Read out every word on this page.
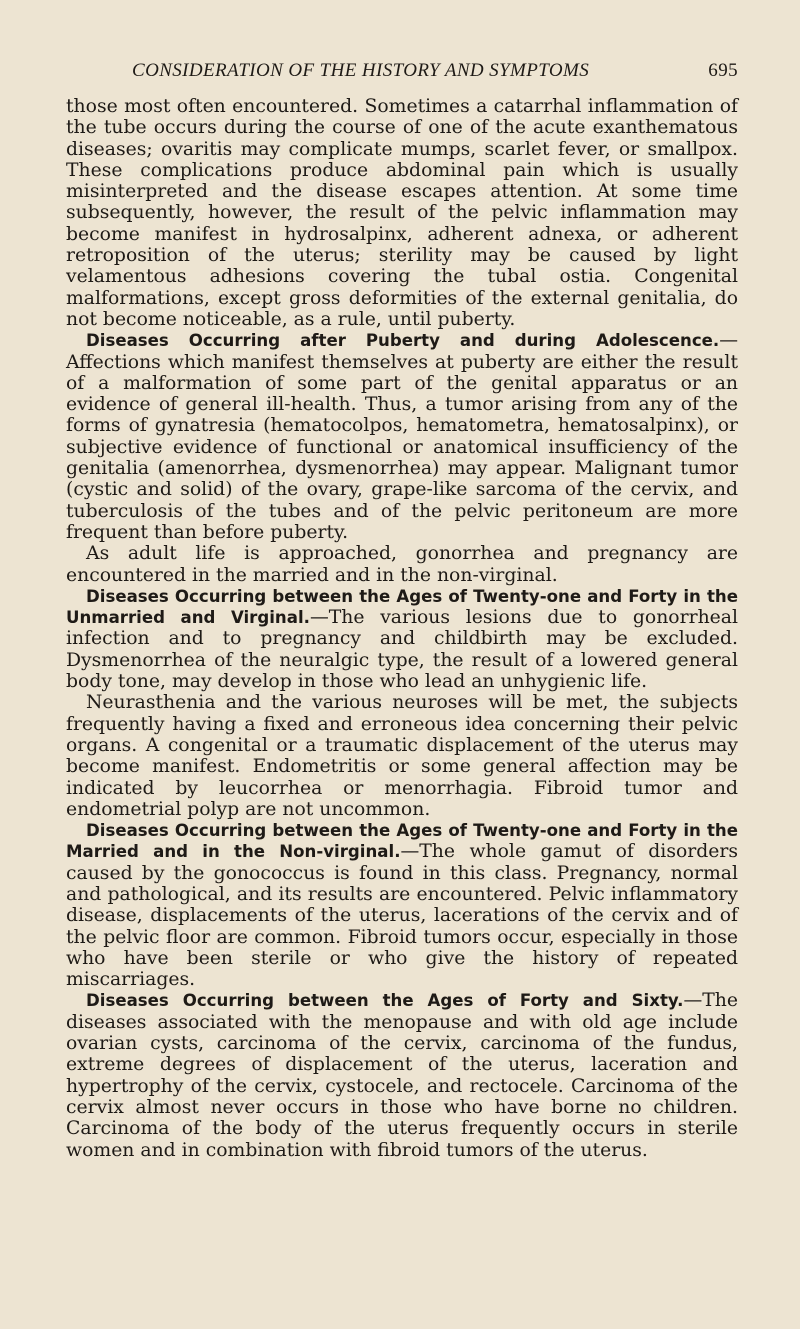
CONSIDERATION OF THE HISTORY AND SYMPTOMS	695

those most often encountered. Sometimes a catarrhal inflammation of the tube occurs during the course of one of the acute exanthematous diseases; ovaritis may complicate mumps, scarlet fever, or smallpox. These complications produce abdominal pain which is usually misinterpreted and the disease escapes attention. At some time subsequently, however, the result of the pelvic inflammation may become manifest in hydrosalpinx, adherent adnexa, or adherent retroposition of the uterus; sterility may be caused by light velamentous adhesions covering the tubal ostia. Congenital malformations, except gross deformities of the external genitalia, do not become noticeable, as a rule, until puberty.

Diseases Occurring after Puberty and during Adolescence.—Affections which manifest themselves at puberty are either the result of a malformation of some part of the genital apparatus or an evidence of general ill-health. Thus, a tumor arising from any of the forms of gynatresia (hematocolpos, hematometra, hematosalpinx), or subjective evidence of functional or anatomical insufficiency of the genitalia (amenorrhea, dysmenorrhea) may appear. Malignant tumor (cystic and solid) of the ovary, grape-like sarcoma of the cervix, and tuberculosis of the tubes and of the pelvic peritoneum are more frequent than before puberty.

As adult life is approached, gonorrhea and pregnancy are encountered in the married and in the non-virginal.

Diseases Occurring between the Ages of Twenty-one and Forty in the Unmarried and Virginal.—The various lesions due to gonorrheal infection and to pregnancy and childbirth may be excluded. Dysmenorrhea of the neuralgic type, the result of a lowered general body tone, may develop in those who lead an unhygienic life.

Neurasthenia and the various neuroses will be met, the subjects frequently having a fixed and erroneous idea concerning their pelvic organs. A congenital or a traumatic displacement of the uterus may become manifest. Endometritis or some general affection may be indicated by leucorrhea or menorrhagia. Fibroid tumor and endometrial polyp are not uncommon.

Diseases Occurring between the Ages of Twenty-one and Forty in the Married and in the Non-virginal.—The whole gamut of disorders caused by the gonococcus is found in this class. Pregnancy, normal and pathological, and its results are encountered. Pelvic inflammatory disease, displacements of the uterus, lacerations of the cervix and of the pelvic floor are common. Fibroid tumors occur, especially in those who have been sterile or who give the history of repeated miscarriages.

Diseases Occurring between the Ages of Forty and Sixty.—The diseases associated with the menopause and with old age include ovarian cysts, carcinoma of the cervix, carcinoma of the fundus, extreme degrees of displacement of the uterus, laceration and hypertrophy of the cervix, cystocele, and rectocele. Carcinoma of the cervix almost never occurs in those who have borne no children. Carcinoma of the body of the uterus frequently occurs in sterile women and in combination with fibroid tumors of the uterus.
